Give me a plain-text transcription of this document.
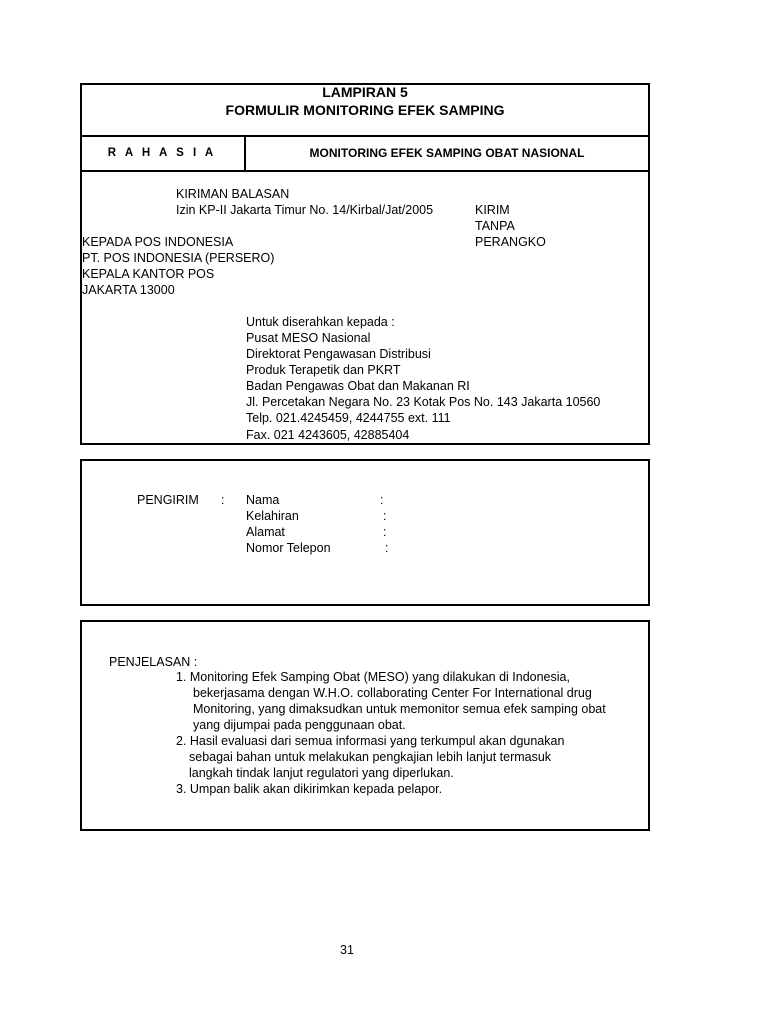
LAMPIRAN 5
FORMULIR MONITORING EFEK SAMPING
R A H A S I A	MONITORING EFEK SAMPING OBAT NASIONAL
KIRIMAN BALASAN
Izin KP-II Jakarta Timur No. 14/Kirbal/Jat/2005	KIRIM
TANPA
PERANGKO
KEPADA POS INDONESIA
PT. POS INDONESIA (PERSERO)
KEPALA KANTOR POS
JAKARTA 13000
Untuk diserahkan kepada :
Pusat MESO Nasional
Direktorat Pengawasan Distribusi
Produk Terapetik dan PKRT
Badan Pengawas Obat dan Makanan RI
Jl. Percetakan Negara No. 23 Kotak Pos No. 143 Jakarta 10560
Telp. 021.4245459, 4244755 ext. 111
Fax. 021 4243605, 42885404
PENGIRIM : Nama	:
Kelahiran	:
Alamat	:
Nomor Telepon	:
PENJELASAN :
1. Monitoring Efek Samping Obat (MESO) yang dilakukan di Indonesia,
bekerjasama dengan W.H.O. collaborating Center For International drug
Monitoring, yang dimaksudkan untuk memonitor semua efek samping obat
yang dijumpai pada penggunaan obat.
2. Hasil evaluasi dari semua informasi yang terkumpul akan dgunakan
sebagai bahan untuk melakukan pengkajian lebih lanjut termasuk
langkah tindak lanjut regulatori yang diperlukan.
3. Umpan balik akan dikirimkan kepada pelapor.
31
